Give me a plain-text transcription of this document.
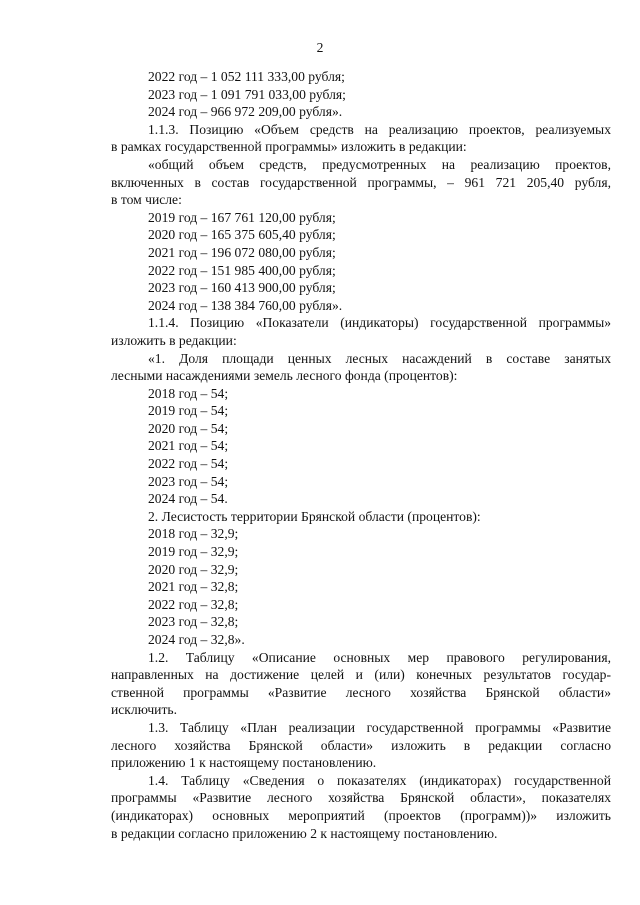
2
2022 год – 1 052 111 333,00 рубля;
2023 год – 1 091 791 033,00 рубля;
2024 год – 966 972 209,00 рубля».
1.1.3. Позицию «Объем средств на реализацию проектов, реализуемых
в рамках государственной программы» изложить в редакции:
«общий объем средств, предусмотренных на реализацию проектов,
включенных в состав государственной программы, – 961 721 205,40 рубля,
в том числе:
2019 год – 167 761 120,00 рубля;
2020 год – 165 375 605,40 рубля;
2021 год – 196 072 080,00 рубля;
2022 год – 151 985 400,00 рубля;
2023 год – 160 413 900,00 рубля;
2024 год – 138 384 760,00 рубля».
1.1.4. Позицию «Показатели (индикаторы) государственной программы»
изложить в редакции:
«1. Доля площади ценных лесных насаждений в составе занятых
лесными насаждениями земель лесного фонда (процентов):
2018 год – 54;
2019 год – 54;
2020 год – 54;
2021 год – 54;
2022 год – 54;
2023 год – 54;
2024 год – 54.
2. Лесистость территории Брянской области (процентов):
2018 год – 32,9;
2019 год – 32,9;
2020 год – 32,9;
2021 год – 32,8;
2022 год – 32,8;
2023 год – 32,8;
2024 год – 32,8».
1.2. Таблицу «Описание основных мер правового регулирования,
направленных на достижение целей и (или) конечных результатов государ-
ственной программы «Развитие лесного хозяйства Брянской области»
исключить.
1.3. Таблицу «План реализации государственной программы «Развитие
лесного хозяйства Брянской области» изложить в редакции согласно
приложению 1 к настоящему постановлению.
1.4. Таблицу «Сведения о показателях (индикаторах) государственной
программы «Развитие лесного хозяйства Брянской области», показателях
(индикаторах) основных мероприятий (проектов (программ))» изложить
в редакции согласно приложению 2 к настоящему постановлению.
